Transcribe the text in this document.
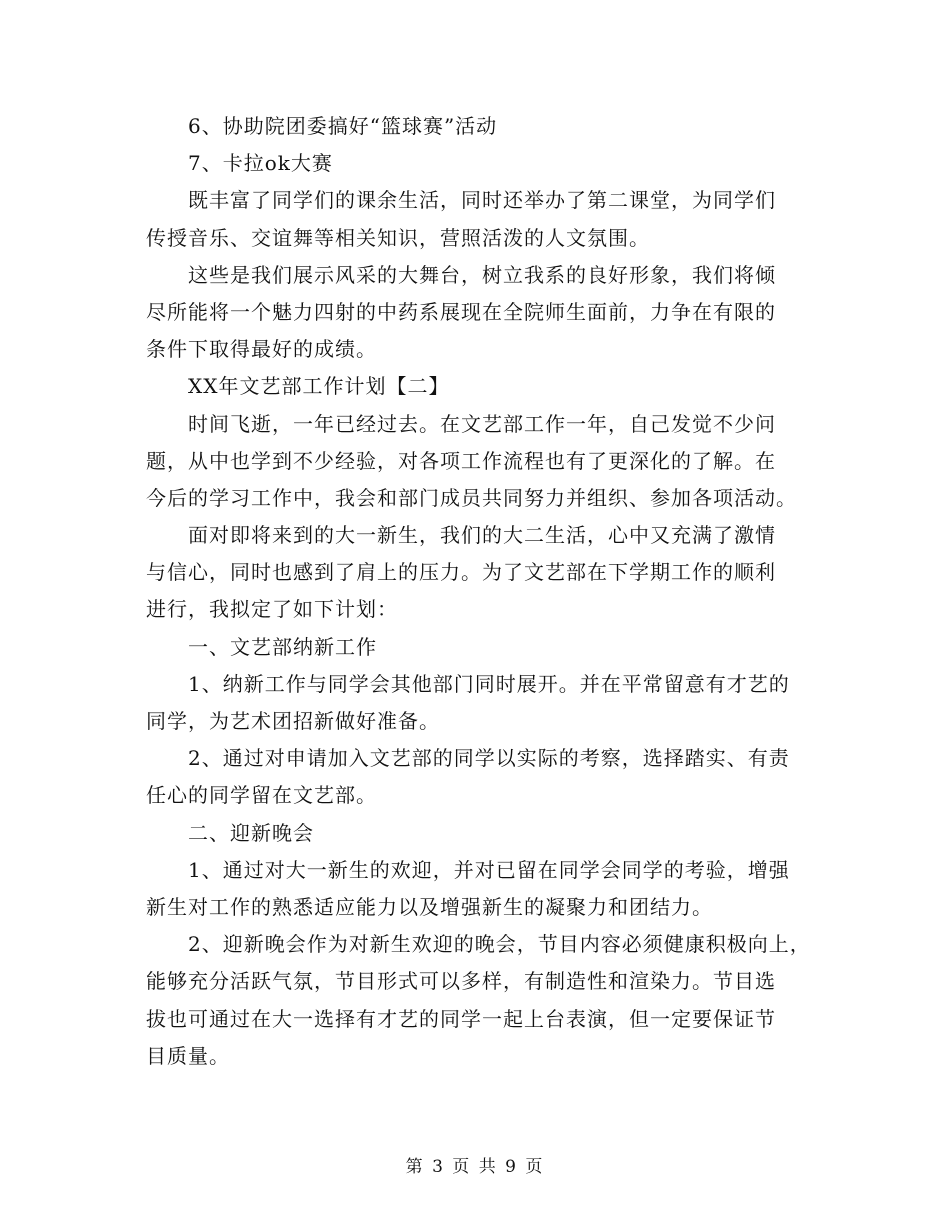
6、协助院团委搞好“篮球赛”活动
7、卡拉ok大赛
既丰富了同学们的课余生活，同时还举办了第二课堂，为同学们
传授音乐、交谊舞等相关知识，营照活泼的人文氛围。
这些是我们展示风采的大舞台，树立我系的良好形象，我们将倾
尽所能将一个魅力四射的中药系展现在全院师生面前，力争在有限的
条件下取得最好的成绩。
XX年文艺部工作计划【二】
时间飞逝，一年已经过去。在文艺部工作一年，自己发觉不少问
题，从中也学到不少经验，对各项工作流程也有了更深化的了解。在
今后的学习工作中，我会和部门成员共同努力并组织、参加各项活动。
面对即将来到的大一新生，我们的大二生活，心中又充满了激情
与信心，同时也感到了肩上的压力。为了文艺部在下学期工作的顺利
进行，我拟定了如下计划：
一、文艺部纳新工作
1、纳新工作与同学会其他部门同时展开。并在平常留意有才艺的
同学，为艺术团招新做好准备。
2、通过对申请加入文艺部的同学以实际的考察，选择踏实、有责
任心的同学留在文艺部。
二、迎新晚会
1、通过对大一新生的欢迎，并对已留在同学会同学的考验，增强
新生对工作的熟悉适应能力以及增强新生的凝聚力和团结力。
2、迎新晚会作为对新生欢迎的晚会，节目内容必须健康积极向上，
能够充分活跃气氛，节目形式可以多样，有制造性和渲染力。节目选
拔也可通过在大一选择有才艺的同学一起上台表演，但一定要保证节
目质量。
第 3 页 共 9 页
